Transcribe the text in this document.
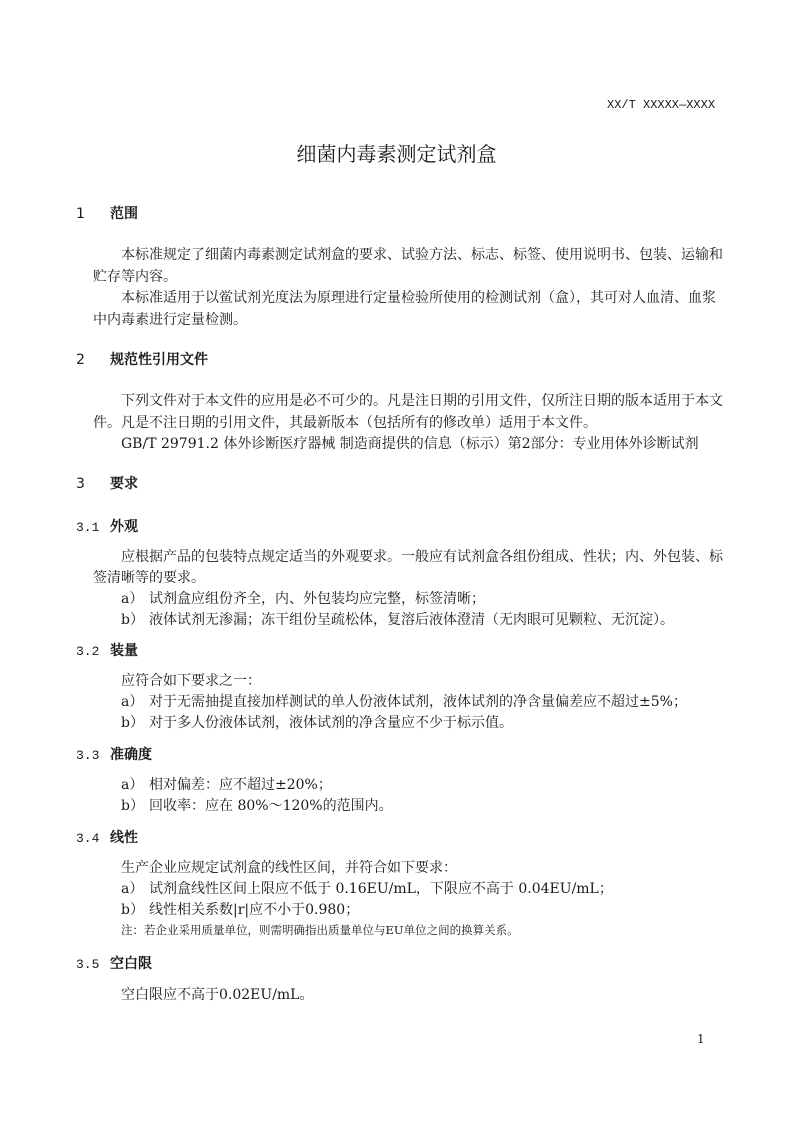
XX/T XXXXX—XXXX
细菌内毒素测定试剂盒
1 范围
本标准规定了细菌内毒素测定试剂盒的要求、试验方法、标志、标签、使用说明书、包装、运输和
贮存等内容。
本标准适用于以鲎试剂光度法为原理进行定量检验所使用的检测试剂（盒），其可对人血清、血浆
中内毒素进行定量检测。
2 规范性引用文件
下列文件对于本文件的应用是必不可少的。凡是注日期的引用文件，仅所注日期的版本适用于本文
件。凡是不注日期的引用文件，其最新版本（包括所有的修改单）适用于本文件。
GB/T 29791.2 体外诊断医疗器械 制造商提供的信息（标示）第2部分：专业用体外诊断试剂
3 要求
3.1 外观
应根据产品的包装特点规定适当的外观要求。一般应有试剂盒各组份组成、性状；内、外包装、标
签清晰等的要求。
a） 试剂盒应组份齐全，内、外包装均应完整，标签清晰；
b） 液体试剂无渗漏；冻干组份呈疏松体，复溶后液体澄清（无肉眼可见颗粒、无沉淀）。
3.2 装量
应符合如下要求之一：
a） 对于无需抽提直接加样测试的单人份液体试剂，液体试剂的净含量偏差应不超过±5%；
b） 对于多人份液体试剂，液体试剂的净含量应不少于标示值。
3.3 准确度
a） 相对偏差：应不超过±20%；
b） 回收率：应在 80%～120%的范围内。
3.4 线性
生产企业应规定试剂盒的线性区间，并符合如下要求：
a） 试剂盒线性区间上限应不低于 0.16EU/mL，下限应不高于 0.04EU/mL；
b） 线性相关系数|r|应不小于0.980；
注：若企业采用质量单位，则需明确指出质量单位与EU单位之间的换算关系。
3.5 空白限
空白限应不高于0.02EU/mL。
1
